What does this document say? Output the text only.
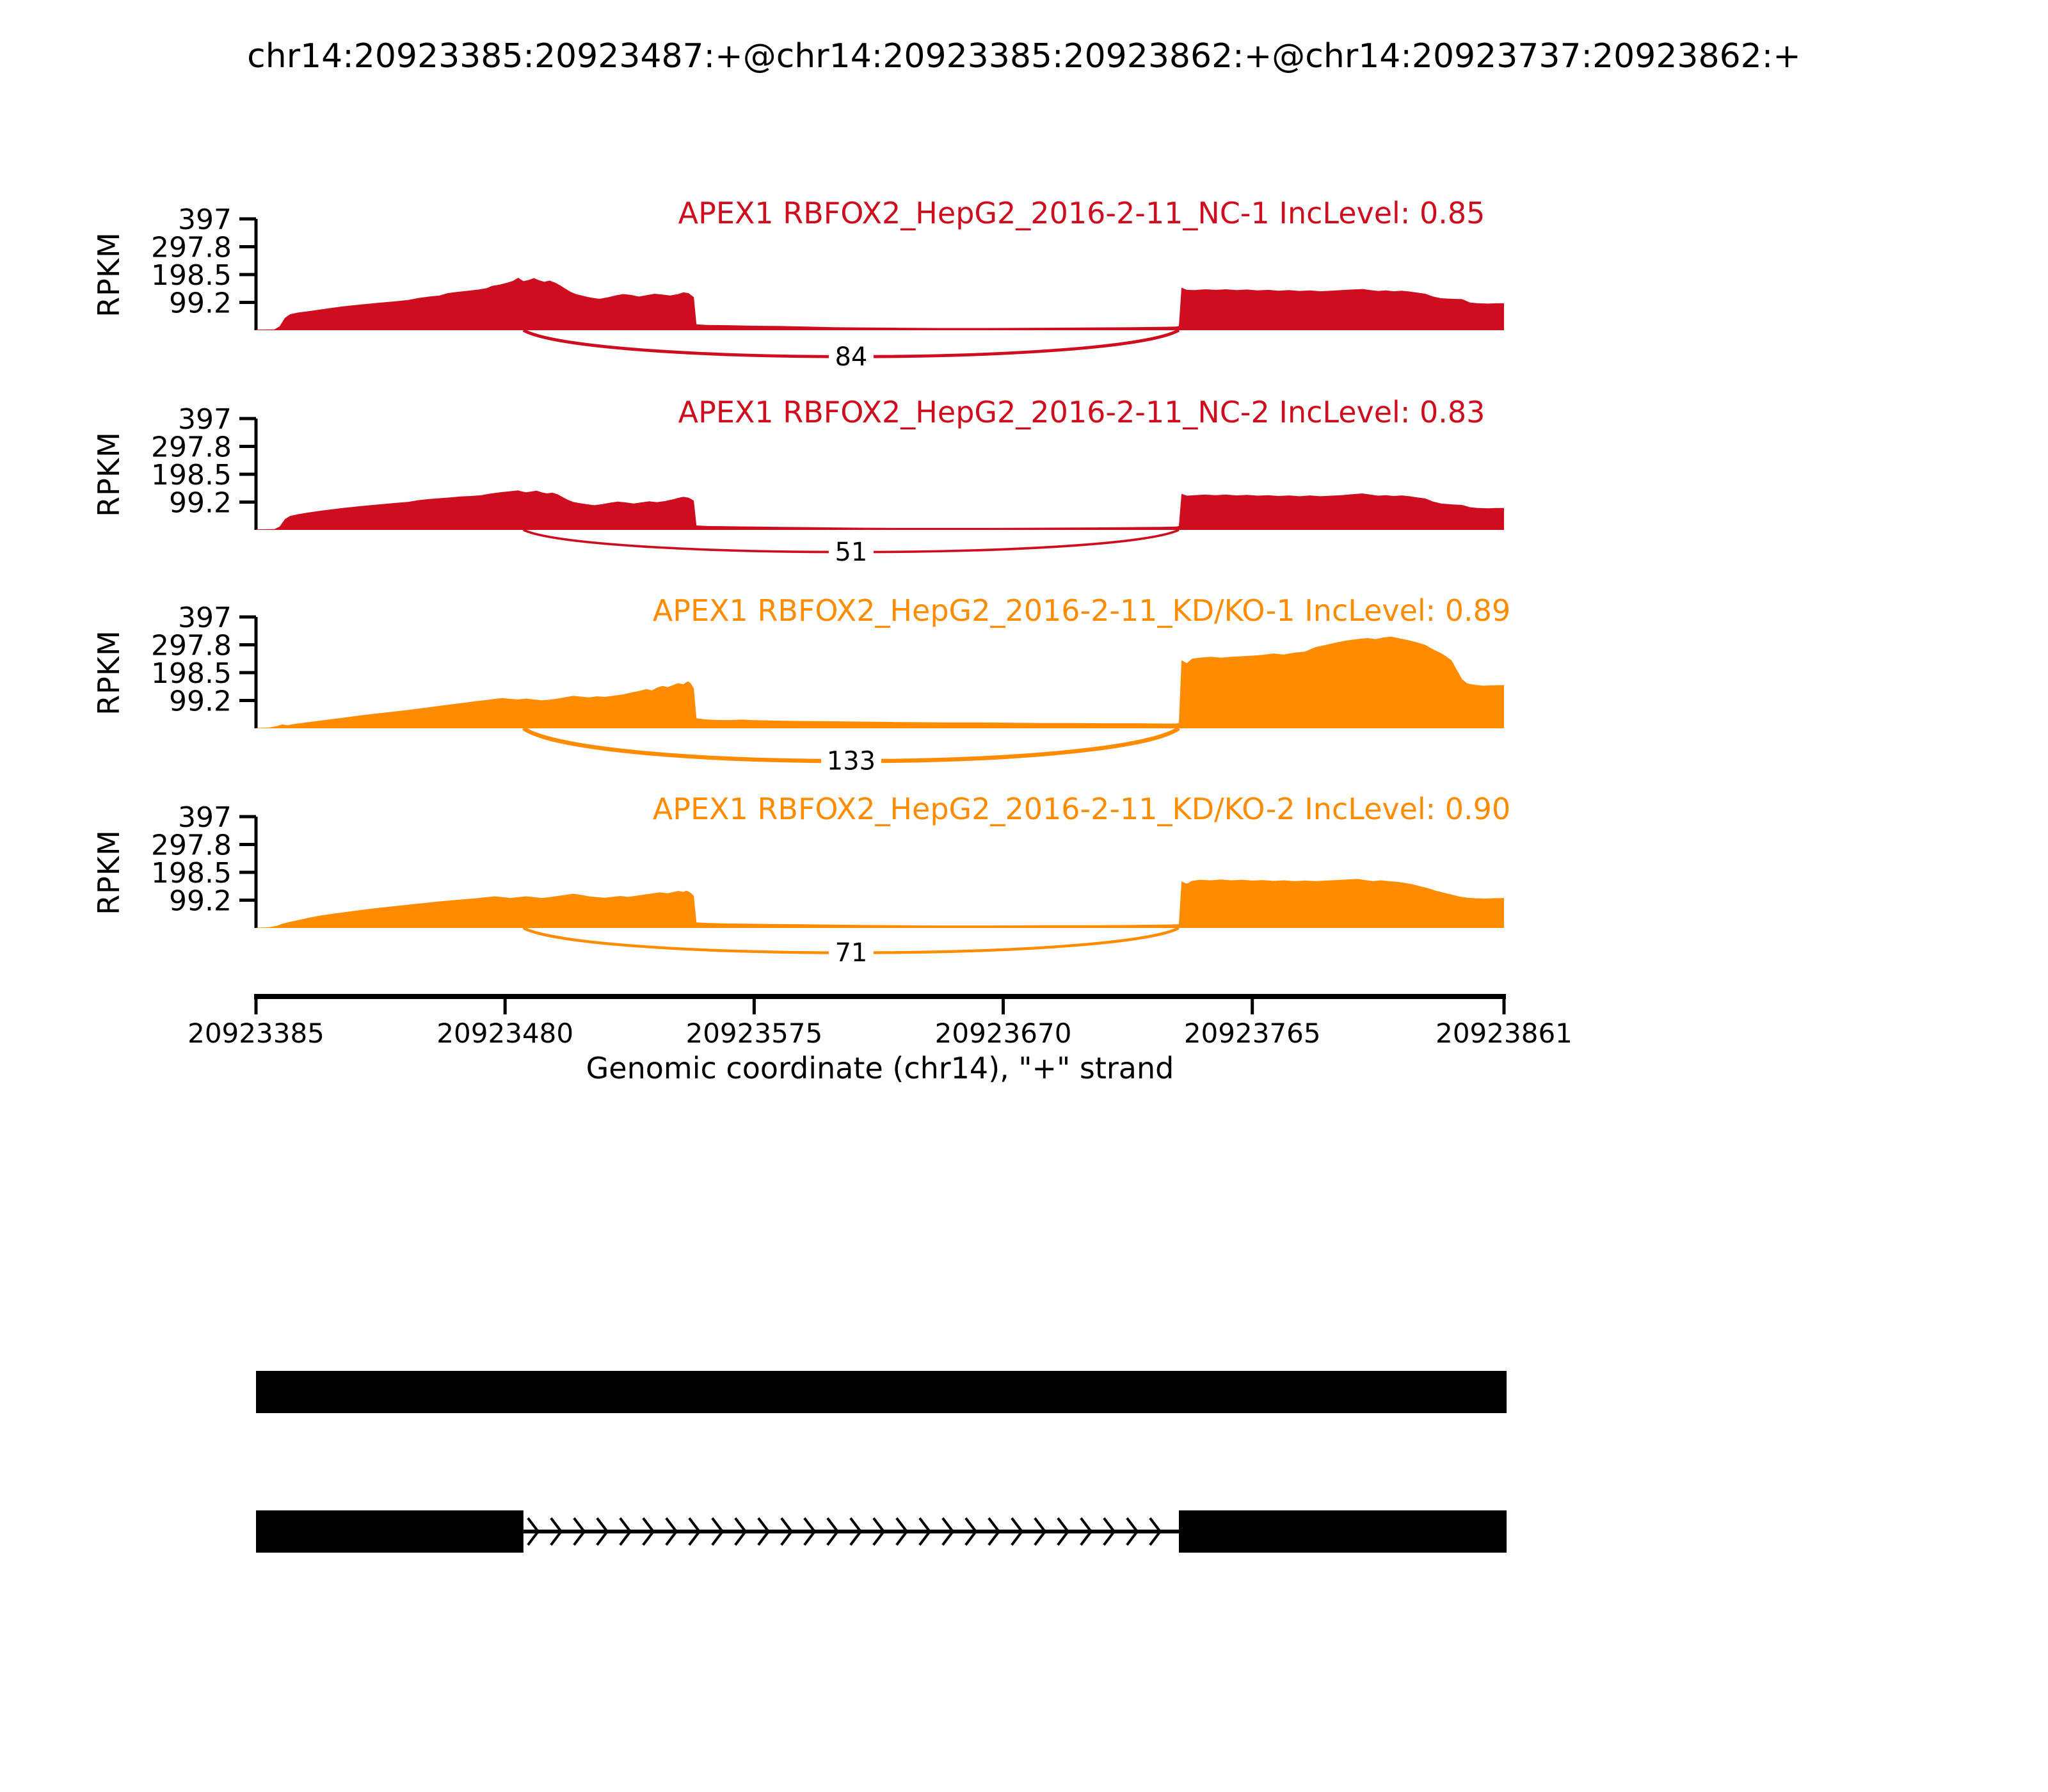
chr14:20923385:20923487:+@chr14:20923385:20923862:+@chr14:20923737:20923862:+
APEX1 RBFOX2_HepG2_2016-2-11_NC-1 IncLevel: 0.85
APEX1 RBFOX2_HepG2_2016-2-11_NC-2 IncLevel: 0.83
APEX1 RBFOX2_HepG2_2016-2-11_KD/KO-1 IncLevel: 0.89
APEX1 RBFOX2_HepG2_2016-2-11_KD/KO-2 IncLevel: 0.90
RPKM
RPKM
RPKM
RPKM
Genomic coordinate (chr14), "+" strand
397
297.8
198.5
99.2
84
397
297.8
198.5
99.2
51
397
297.8
198.5
99.2
133
397
297.8
198.5
99.2
71
20923385	20923480	20923575	20923670	20923765	20923861
